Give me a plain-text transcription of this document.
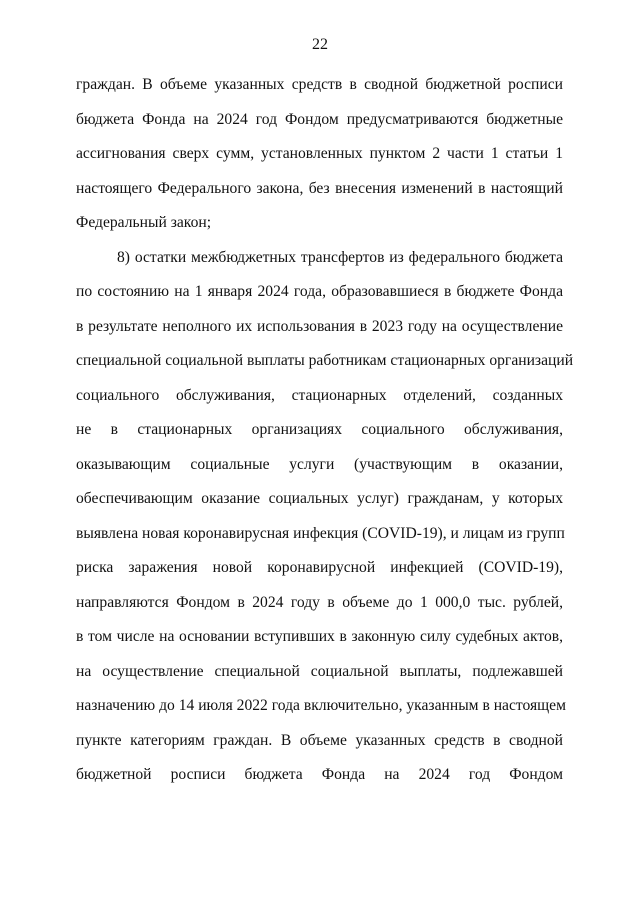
22
граждан. В объеме указанных средств в сводной бюджетной росписи
бюджета Фонда на 2024 год Фондом предусматриваются бюджетные
ассигнования сверх сумм, установленных пунктом 2 части 1 статьи 1
настоящего Федерального закона, без внесения изменений в настоящий
Федеральный закон;
8) остатки межбюджетных трансфертов из федерального бюджета
по состоянию на 1 января 2024 года, образовавшиеся в бюджете Фонда
в результате неполного их использования в 2023 году на осуществление
специальной социальной выплаты работникам стационарных организаций
социального обслуживания, стационарных отделений, созданных
не в стационарных организациях социального обслуживания,
оказывающим социальные услуги (участвующим в оказании,
обеспечивающим оказание социальных услуг) гражданам, у которых
выявлена новая коронавирусная инфекция (COVID-19), и лицам из групп
риска заражения новой коронавирусной инфекцией (COVID-19),
направляются Фондом в 2024 году в объеме до 1 000,0 тыс. рублей,
в том числе на основании вступивших в законную силу судебных актов,
на осуществление специальной социальной выплаты, подлежавшей
назначению до 14 июля 2022 года включительно, указанным в настоящем
пункте категориям граждан. В объеме указанных средств в сводной
бюджетной росписи бюджета Фонда на 2024 год Фондом
